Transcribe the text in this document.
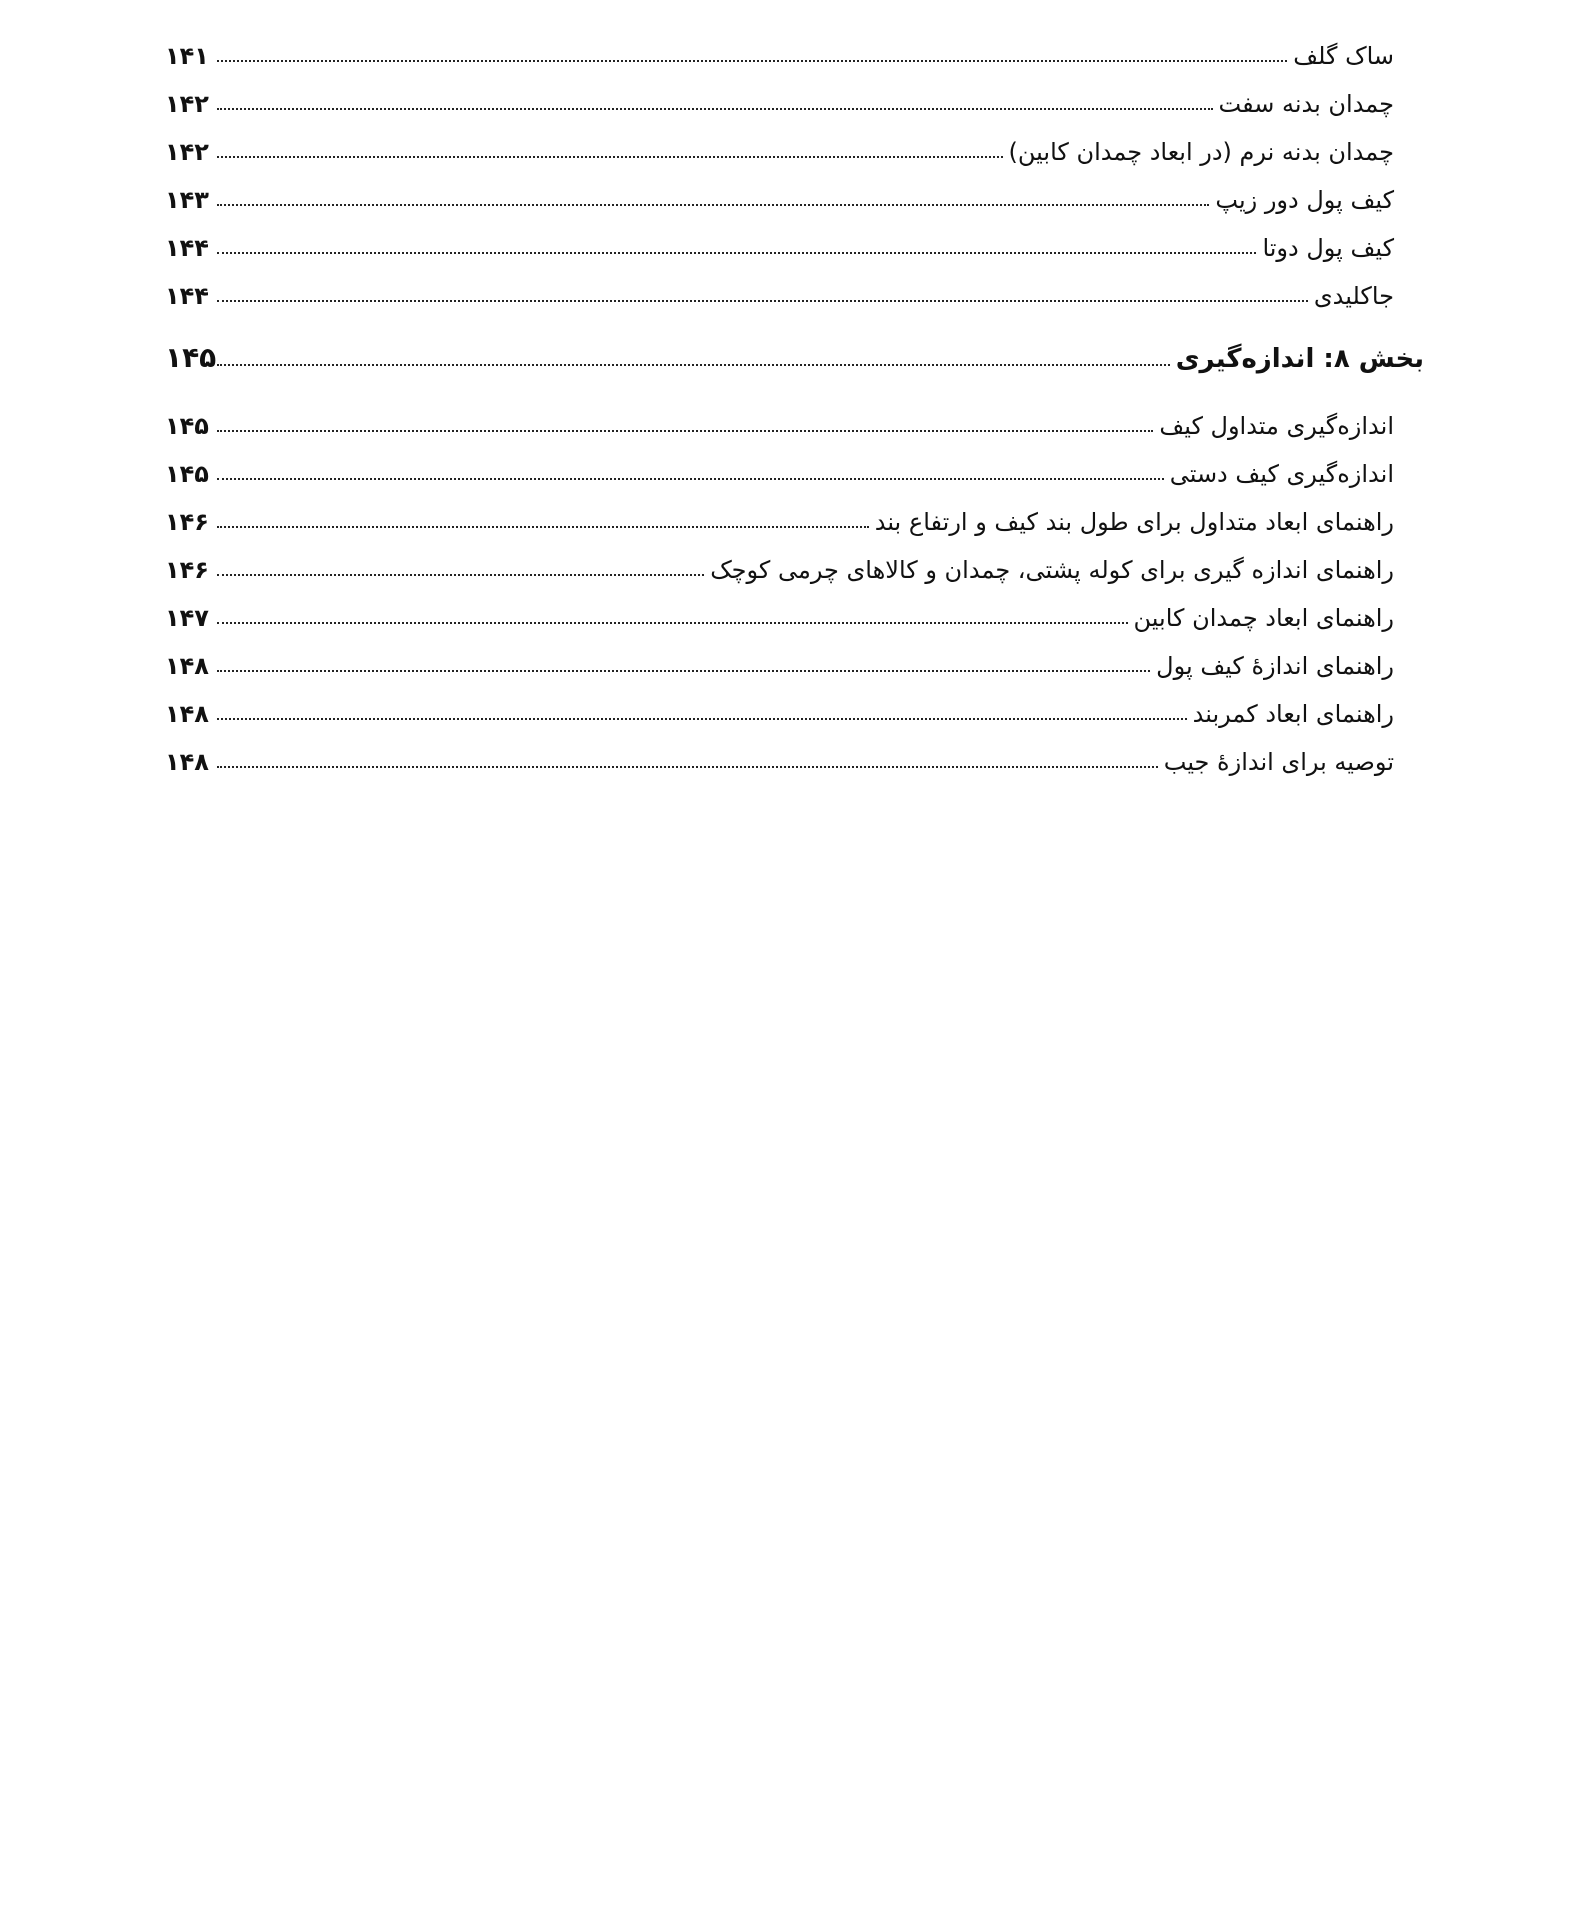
ساک گلف
۱۴۱
چمدان بدنه سفت
۱۴۲
چمدان بدنه نرم (در ابعاد چمدان کابین)
۱۴۲
کیف پول دور زیپ
۱۴۳
کیف پول دوتا
۱۴۴
جاکلیدی
۱۴۴
بخش ۸: اندازه‌گیری
۱۴۵
اندازه‌گیری متداول کیف
۱۴۵
اندازه‌گیری کیف دستی
۱۴۵
راهنمای ابعاد متداول برای طول بند کیف و ارتفاع بند
۱۴۶
راهنمای اندازه گیری برای کوله پشتی، چمدان و کالاهای چرمی کوچک
۱۴۶
راهنمای ابعاد چمدان کابین
۱۴۷
راهنمای اندازهٔ کیف پول
۱۴۸
راهنمای ابعاد کمربند
۱۴۸
توصیه برای اندازهٔ جیب
۱۴۸
